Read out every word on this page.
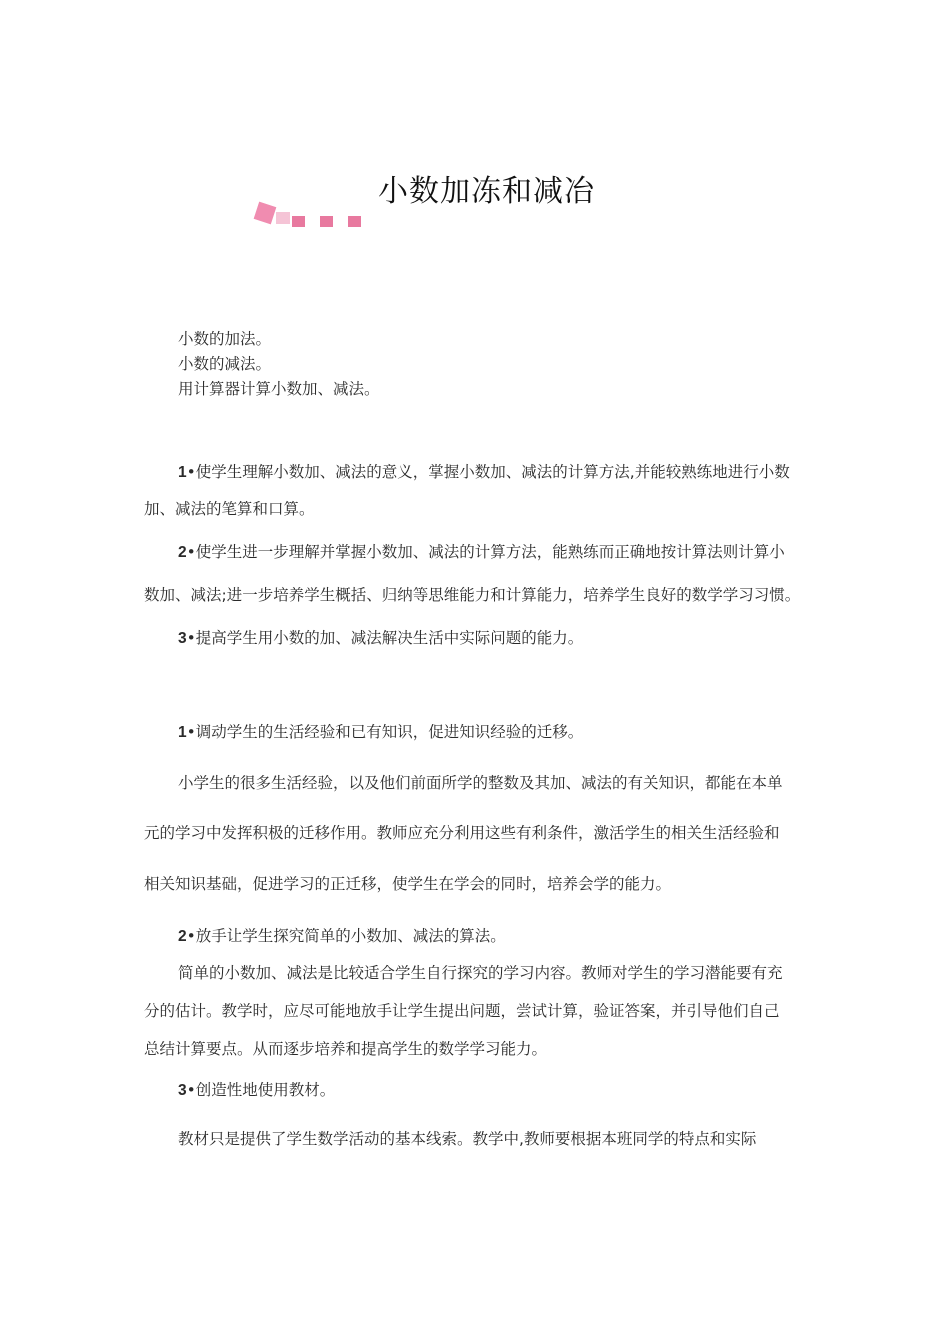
小数加冻和减冶
小数的加法。
小数的减法。
用计算器计算小数加、减法。
1•使学生理解小数加、减法的意义，掌握小数加、减法的计算方法,并能较熟练地进行小数
加、减法的笔算和口算。
2•使学生进一步理解并掌握小数加、减法的计算方法，能熟练而正确地按计算法则计算小
数加、减法;进一步培养学生概括、归纳等思维能力和计算能力，培养学生良好的数学学习习惯。
3•提高学生用小数的加、减法解决生活中实际问题的能力。
1•调动学生的生活经验和已有知识，促进知识经验的迁移。
小学生的很多生活经验，以及他们前面所学的整数及其加、减法的有关知识，都能在本单
元的学习中发挥积极的迁移作用。教师应充分利用这些有利条件，激活学生的相关生活经验和
相关知识基础，促进学习的正迁移，使学生在学会的同时，培养会学的能力。
2•放手让学生探究简单的小数加、减法的算法。
简单的小数加、减法是比较适合学生自行探究的学习内容。教师对学生的学习潜能要有充
分的估计。教学时，应尽可能地放手让学生提出问题，尝试计算，验证答案，并引导他们自己
总结计算要点。从而逐步培养和提高学生的数学学习能力。
3•创造性地使用教材。
教材只是提供了学生数学活动的基本线索。教学中,教师要根据本班同学的特点和实际
